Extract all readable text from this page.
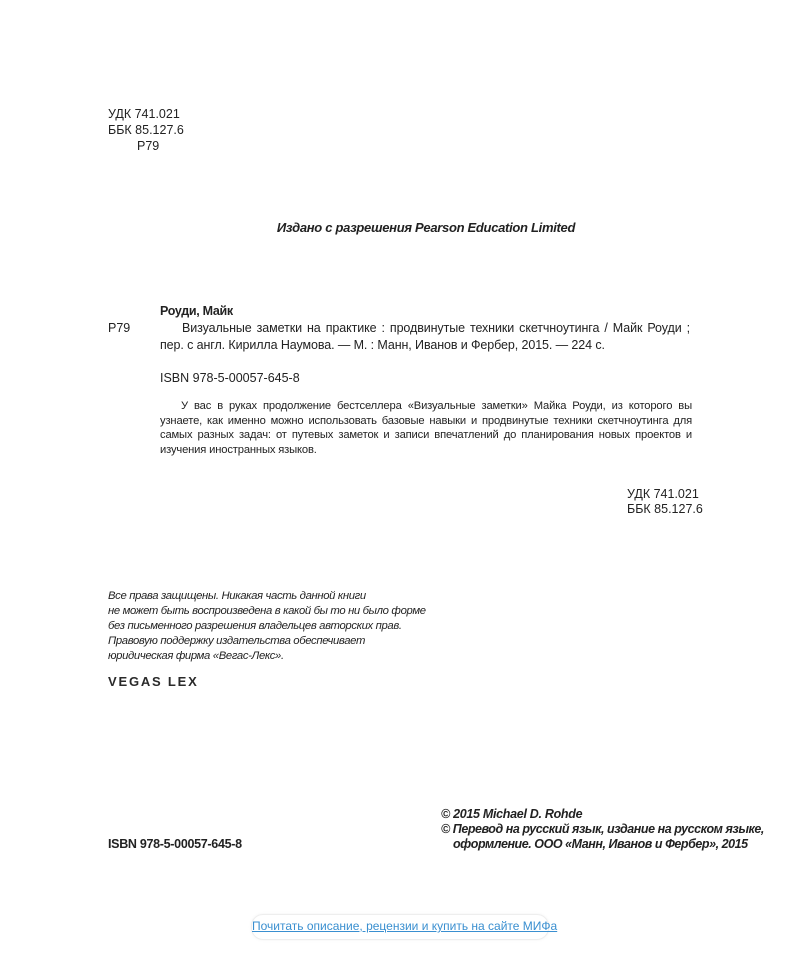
УДК 741.021
ББК 85.127.6
Р79
Издано с разрешения Pearson Education Limited
Роуди, Майк
Р79	Визуальные заметки на практике : продвинутые техники скетчноутинга / Майк Роуди ; пер. с англ. Кирилла Наумова. — М. : Манн, Иванов и Фербер, 2015. — 224 с.
ISBN 978-5-00057-645-8
У вас в руках продолжение бестселлера «Визуальные заметки» Майка Роуди, из которого вы узнаете, как именно можно использовать базовые навыки и продвинутые техники скетчноутинга для самых разных задач: от путевых заметок и записи впечатлений до планирования новых проектов и изучения иностранных языков.
УДК 741.021
ББК 85.127.6
Все права защищены. Никакая часть данной книги
не может быть воспроизведена в какой бы то ни было форме
без письменного разрешения владельцев авторских прав.
Правовую поддержку издательства обеспечивает
юридическая фирма «Вегас-Лекс».
VEGAS LEX
© 2015 Michael D. Rohde
© Перевод на русский язык, издание на русском языке,
оформление. ООО «Манн, Иванов и Фербер», 2015
ISBN 978-5-00057-645-8
Почитать описание, рецензии и купить на сайте МИФа
